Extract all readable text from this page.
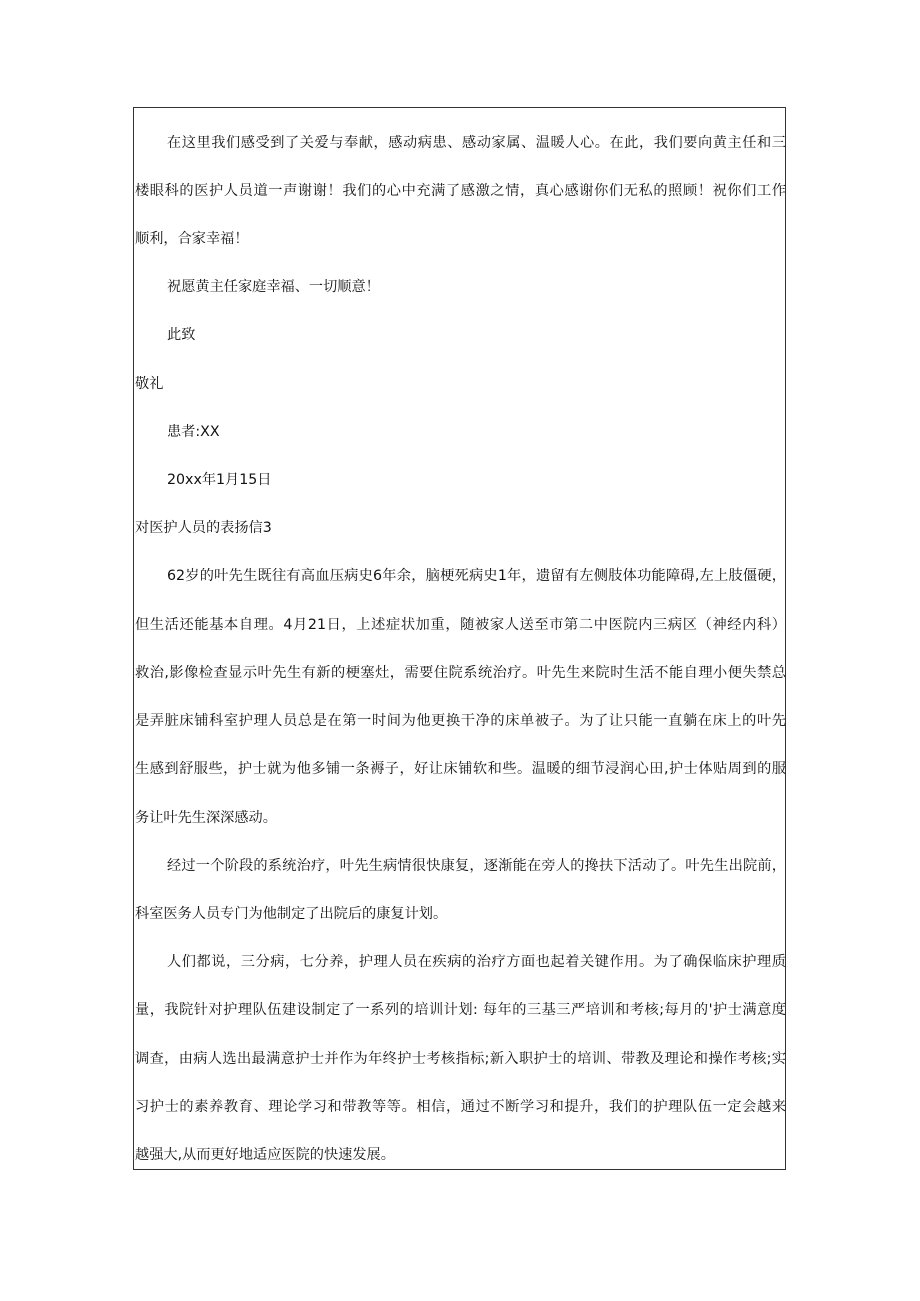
在这里我们感受到了关爱与奉献，感动病患、感动家属、温暖人心。在此，我们要向黄主任和三
楼眼科的医护人员道一声谢谢！我们的心中充满了感激之情，真心感谢你们无私的照顾！祝你们工作
顺利，合家幸福！
祝愿黄主任家庭幸福、一切顺意！
此致
敬礼
患者:XX
20xx年1月15日
对医护人员的表扬信3
62岁的叶先生既往有高血压病史6年余，脑梗死病史1年，遗留有左侧肢体功能障碍,左上肢僵硬，
但生活还能基本自理。4月21日，上述症状加重，随被家人送至市第二中医院内三病区（神经内科）
救治,影像检查显示叶先生有新的梗塞灶，需要住院系统治疗。叶先生来院时生活不能自理小便失禁总
是弄脏床铺科室护理人员总是在第一时间为他更换干净的床单被子。为了让只能一直躺在床上的叶先
生感到舒服些，护士就为他多铺一条褥子，好让床铺软和些。温暖的细节浸润心田,护士体贴周到的服
务让叶先生深深感动。
经过一个阶段的系统治疗，叶先生病情很快康复，逐渐能在旁人的搀扶下活动了。叶先生出院前，
科室医务人员专门为他制定了出院后的康复计划。
人们都说，三分病，七分养，护理人员在疾病的治疗方面也起着关键作用。为了确保临床护理质
量，我院针对护理队伍建设制定了一系列的培训计划: 每年的三基三严培训和考核;每月的'护士满意度
调查，由病人选出最满意护士并作为年终护士考核指标;新入职护士的培训、带教及理论和操作考核;实
习护士的素养教育、理论学习和带教等等。相信，通过不断学习和提升，我们的护理队伍一定会越来
越强大,从而更好地适应医院的快速发展。
